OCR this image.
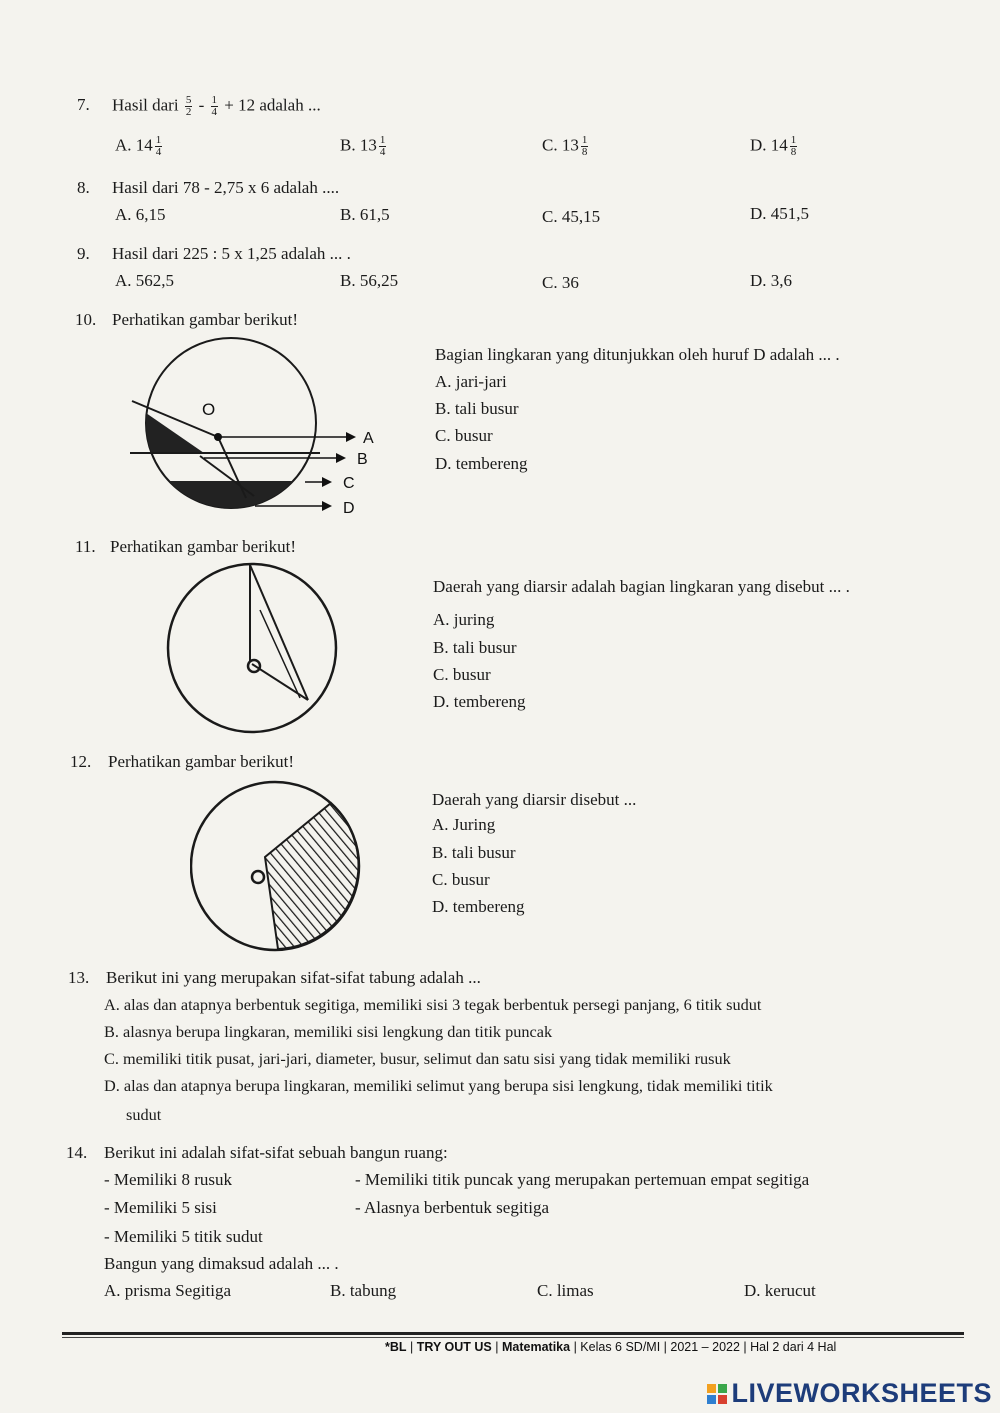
7. Hasil dari $\frac{5}{2} - \frac{1}{4} + 12$ adalah ...
A. $14 \frac{1}{4}$	B. $13 \frac{1}{4}$	C. $13 \frac{1}{8}$	D. $14 \frac{1}{8}$
8. Hasil dari 78 - 2,75 x 6 adalah ....
A. 6,15	B. 61,5	C. 45,15	D. 451,5
9. Hasil dari 225 : 5 x 1,25 adalah ... .
A. 562,5	B. 56,25	C. 36	D. 3,6
10. Perhatikan gambar berikut!
O
A
B
C
D
Bagian lingkaran yang ditunjukkan oleh huruf D adalah ... .
A. jari-jari
B. tali busur
C. busur
D. tembereng
11. Perhatikan gambar berikut!
Daerah yang diarsir adalah bagian lingkaran yang disebut ... .
A. juring
B. tali busur
C. busur
D. tembereng
12. Perhatikan gambar berikut!
Daerah yang diarsir disebut ...
A. Juring
B. tali busur
C. busur
D. tembereng
13. Berikut ini yang merupakan sifat-sifat tabung adalah ...
A. alas dan atapnya berbentuk segitiga, memiliki sisi 3 tegak berbentuk persegi panjang, 6 titik sudut
B. alasnya berupa lingkaran, memiliki sisi lengkung dan titik puncak
C. memiliki titik pusat, jari-jari, diameter, busur, selimut dan satu sisi yang tidak memiliki rusuk
D. alas dan atapnya berupa lingkaran, memiliki selimut yang berupa sisi lengkung, tidak memiliki titik
sudut
14. Berikut ini adalah sifat-sifat sebuah bangun ruang:
- Memiliki 8 rusuk
- Memiliki 5 sisi
- Memiliki 5 titik sudut
- Memiliki titik puncak yang merupakan pertemuan empat segitiga
- Alasnya berbentuk segitiga
Bangun yang dimaksud adalah ... .
A. prisma Segitiga	B. tabung	C. limas	D. kerucut
*BL | TRY OUT US | Matematika | Kelas 6 SD/MI | 2021 – 2022 | Hal 2 dari 4 Hal
LIVEWORKSHEETS
